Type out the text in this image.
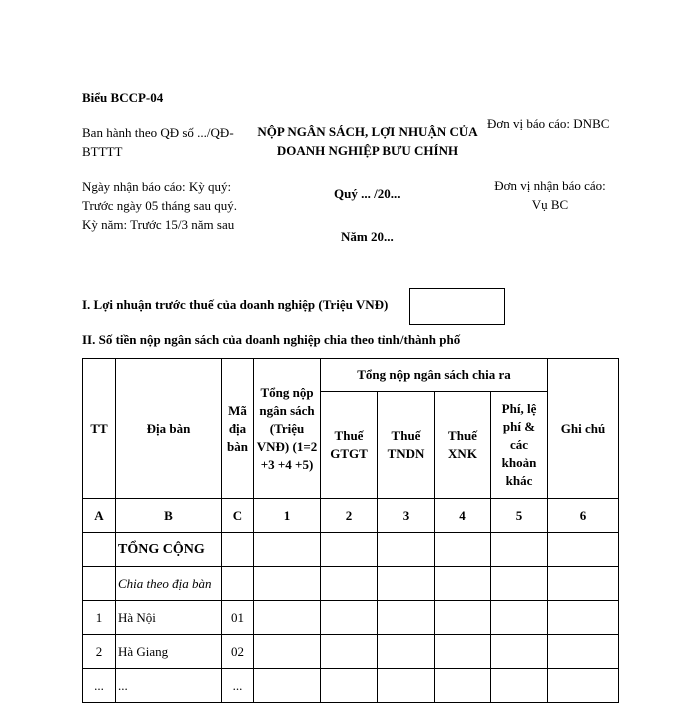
Biểu BCCP-04
Ban hành theo QĐ số .../QĐ-
BTTTT
NỘP NGÂN SÁCH, LỢI NHUẬN CỦA
DOANH NGHIỆP BƯU CHÍNH
Đơn vị báo cáo: DNBC
Ngày nhận báo cáo: Kỳ quý:
Trước ngày 05 tháng sau quý.
Kỳ năm: Trước 15/3 năm sau
Quý ... /20...
Năm 20...
Đơn vị nhận báo cáo:
Vụ BC
I. Lợi nhuận trước thuế của doanh nghiệp (Triệu VNĐ)
II. Số tiền nộp ngân sách của doanh nghiệp chia theo tỉnh/thành phố
TT	Địa bàn	Mã địa bàn	Tổng nộp ngân sách (Triệu VNĐ) (1=2 +3 +4 +5)	Tổng nộp ngân sách chia ra				Ghi chú
				Thuế GTGT	Thuế TNDN	Thuế XNK	Phí, lệ phí & các khoản khác	
A	B	C	1	2	3	4	5	6
	TỔNG CỘNG							
	Chia theo địa bàn							
1	Hà Nội	01						
2	Hà Giang	02						
...	...	...						
